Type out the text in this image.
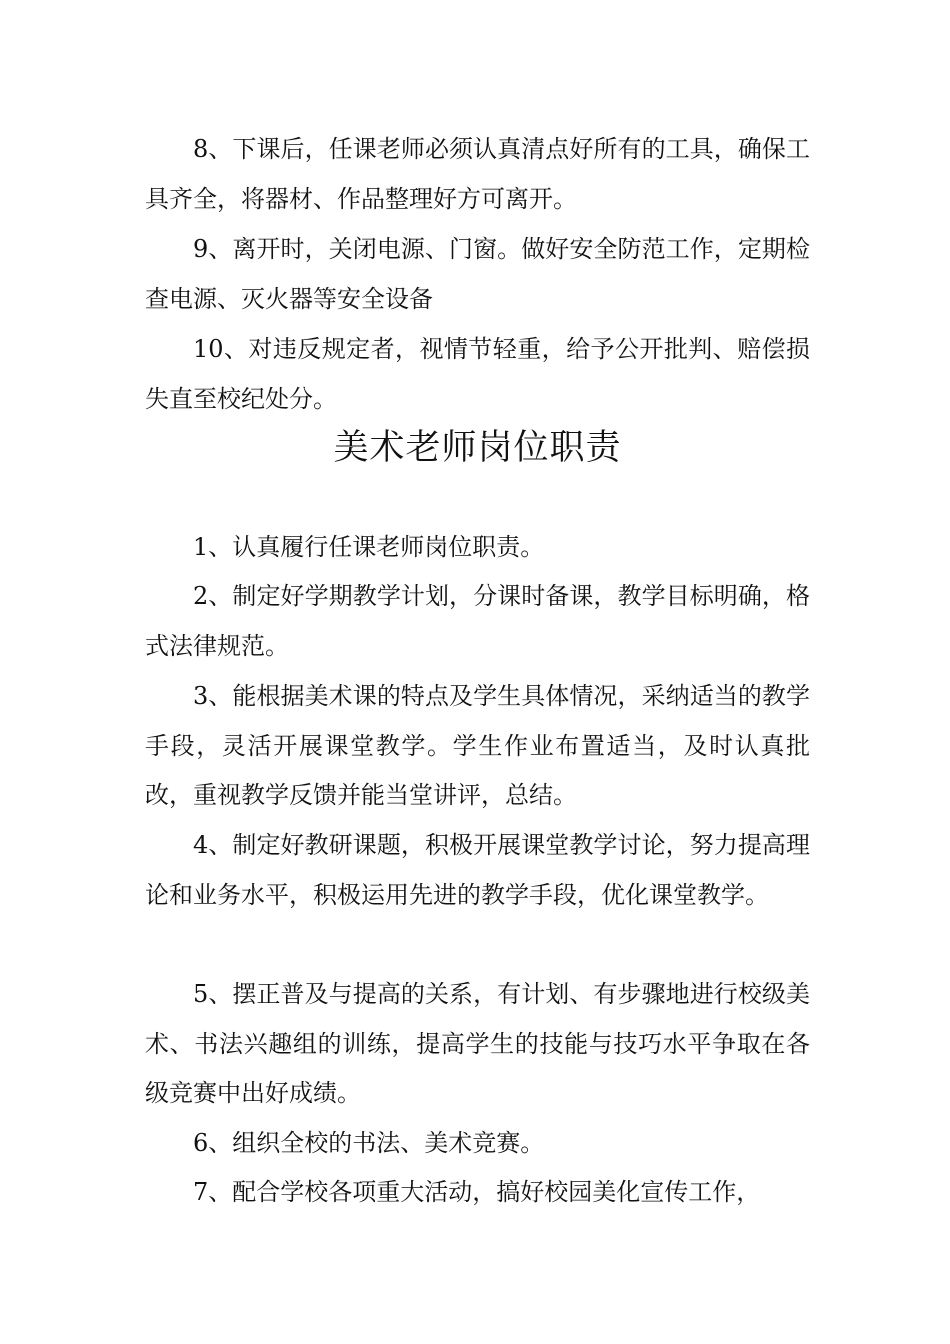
8、下课后，任课老师必须认真清点好所有的工具，确保工具齐全，将器材、作品整理好方可离开。

9、离开时，关闭电源、门窗。做好安全防范工作，定期检查电源、灭火器等安全设备

10、对违反规定者，视情节轻重，给予公开批判、赔偿损失直至校纪处分。

美术老师岗位职责

1、认真履行任课老师岗位职责。

2、制定好学期教学计划，分课时备课，教学目标明确，格式法律规范。

3、能根据美术课的特点及学生具体情况，采纳适当的教学手段，灵活开展课堂教学。学生作业布置适当，及时认真批改，重视教学反馈并能当堂讲评，总结。

4、制定好教研课题，积极开展课堂教学讨论，努力提高理论和业务水平，积极运用先进的教学手段，优化课堂教学。

5、摆正普及与提高的关系，有计划、有步骤地进行校级美术、书法兴趣组的训练，提高学生的技能与技巧水平争取在各级竞赛中出好成绩。

6、组织全校的书法、美术竞赛。

7、配合学校各项重大活动，搞好校园美化宣传工作，
